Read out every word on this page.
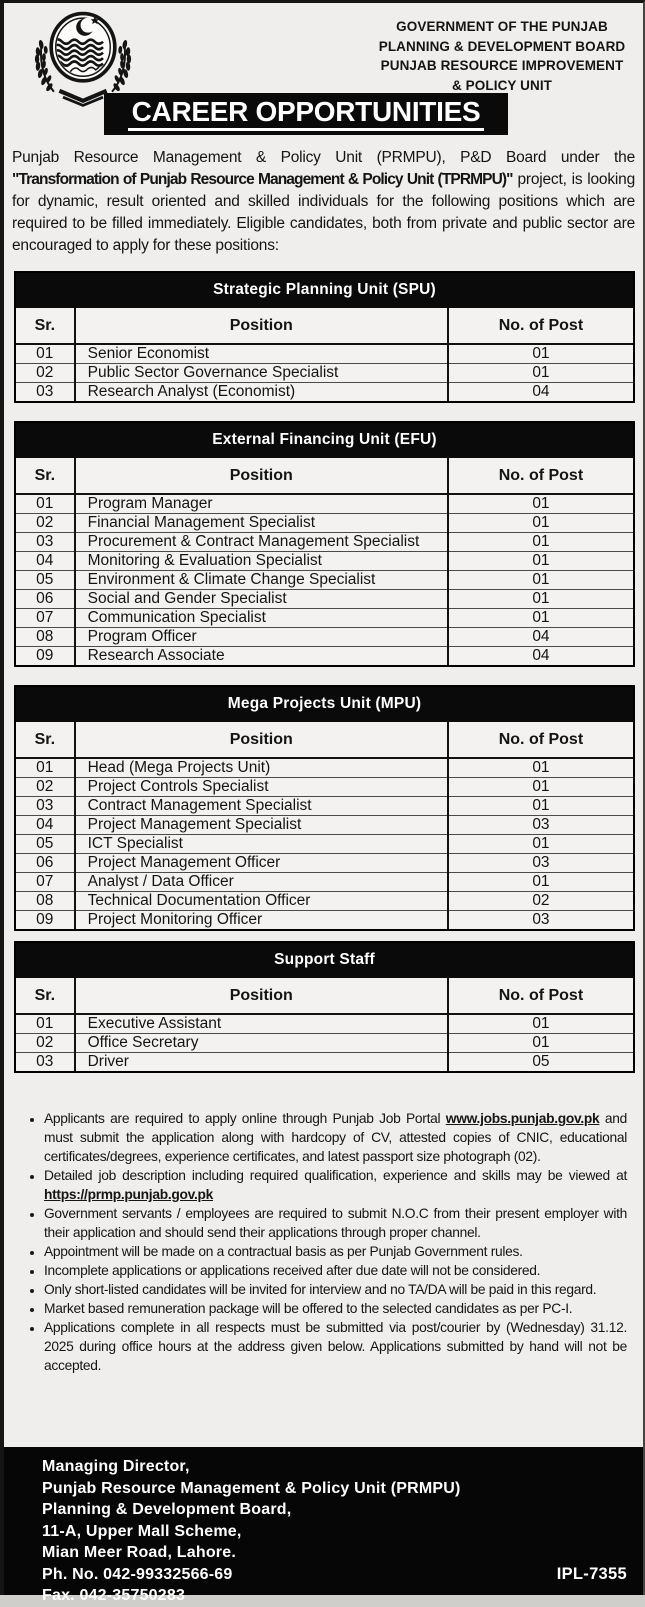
GOVERNMENT OF THE PUNJAB
PLANNING & DEVELOPMENT BOARD
PUNJAB RESOURCE IMPROVEMENT
& POLICY UNIT
CAREER OPPORTUNITIES

Punjab Resource Management & Policy Unit (PRMPU), P&D Board under the "Transformation of Punjab Resource Management & Policy Unit (TPRMPU)" project, is looking for dynamic, result oriented and skilled individuals for the following positions which are required to be filled immediately. Eligible candidates, both from private and public sector are encouraged to apply for these positions:

Strategic Planning Unit (SPU)
Sr.	Position	No. of Post
01	Senior Economist	01
02	Public Sector Governance Specialist	01
03	Research Analyst (Economist)	04
External Financing Unit (EFU)
Sr.	Position	No. of Post
01	Program Manager	01
02	Financial Management Specialist	01
03	Procurement & Contract Management Specialist	01
04	Monitoring & Evaluation Specialist	01
05	Environment & Climate Change Specialist	01
06	Social and Gender Specialist	01
07	Communication Specialist	01
08	Program Officer	04
09	Research Associate	04
Mega Projects Unit (MPU)
Sr.	Position	No. of Post
01	Head (Mega Projects Unit)	01
02	Project Controls Specialist	01
03	Contract Management Specialist	01
04	Project Management Specialist	03
05	ICT Specialist	01
06	Project Management Officer	03
07	Analyst / Data Officer	01
08	Technical Documentation Officer	02
09	Project Monitoring Officer	03
Support Staff
Sr.	Position	No. of Post
01	Executive Assistant	01
02	Office Secretary	01
03	Driver	05
• Applicants are required to apply online through Punjab Job Portal www.jobs.punjab.gov.pk and must submit the application along with hardcopy of CV, attested copies of CNIC, educational certificates/degrees, experience certificates, and latest passport size photograph (02).
• Detailed job description including required qualification, experience and skills may be viewed at https://prmp.punjab.gov.pk
• Government servants / employees are required to submit N.O.C from their present employer with their application and should send their applications through proper channel.
• Appointment will be made on a contractual basis as per Punjab Government rules.
• Incomplete applications or applications received after due date will not be considered.
• Only short-listed candidates will be invited for interview and no TA/DA will be paid in this regard.
• Market based remuneration package will be offered to the selected candidates as per PC-I.
• Applications complete in all respects must be submitted via post/courier by (Wednesday) 31.12. 2025 during office hours at the address given below. Applications submitted by hand will not be accepted.
Managing Director,
Punjab Resource Management & Policy Unit (PRMPU)
Planning & Development Board,
11-A, Upper Mall Scheme,
Mian Meer Road, Lahore.
Ph. No. 042-99332566-69
Fax. 042-35750283
IPL-7355
